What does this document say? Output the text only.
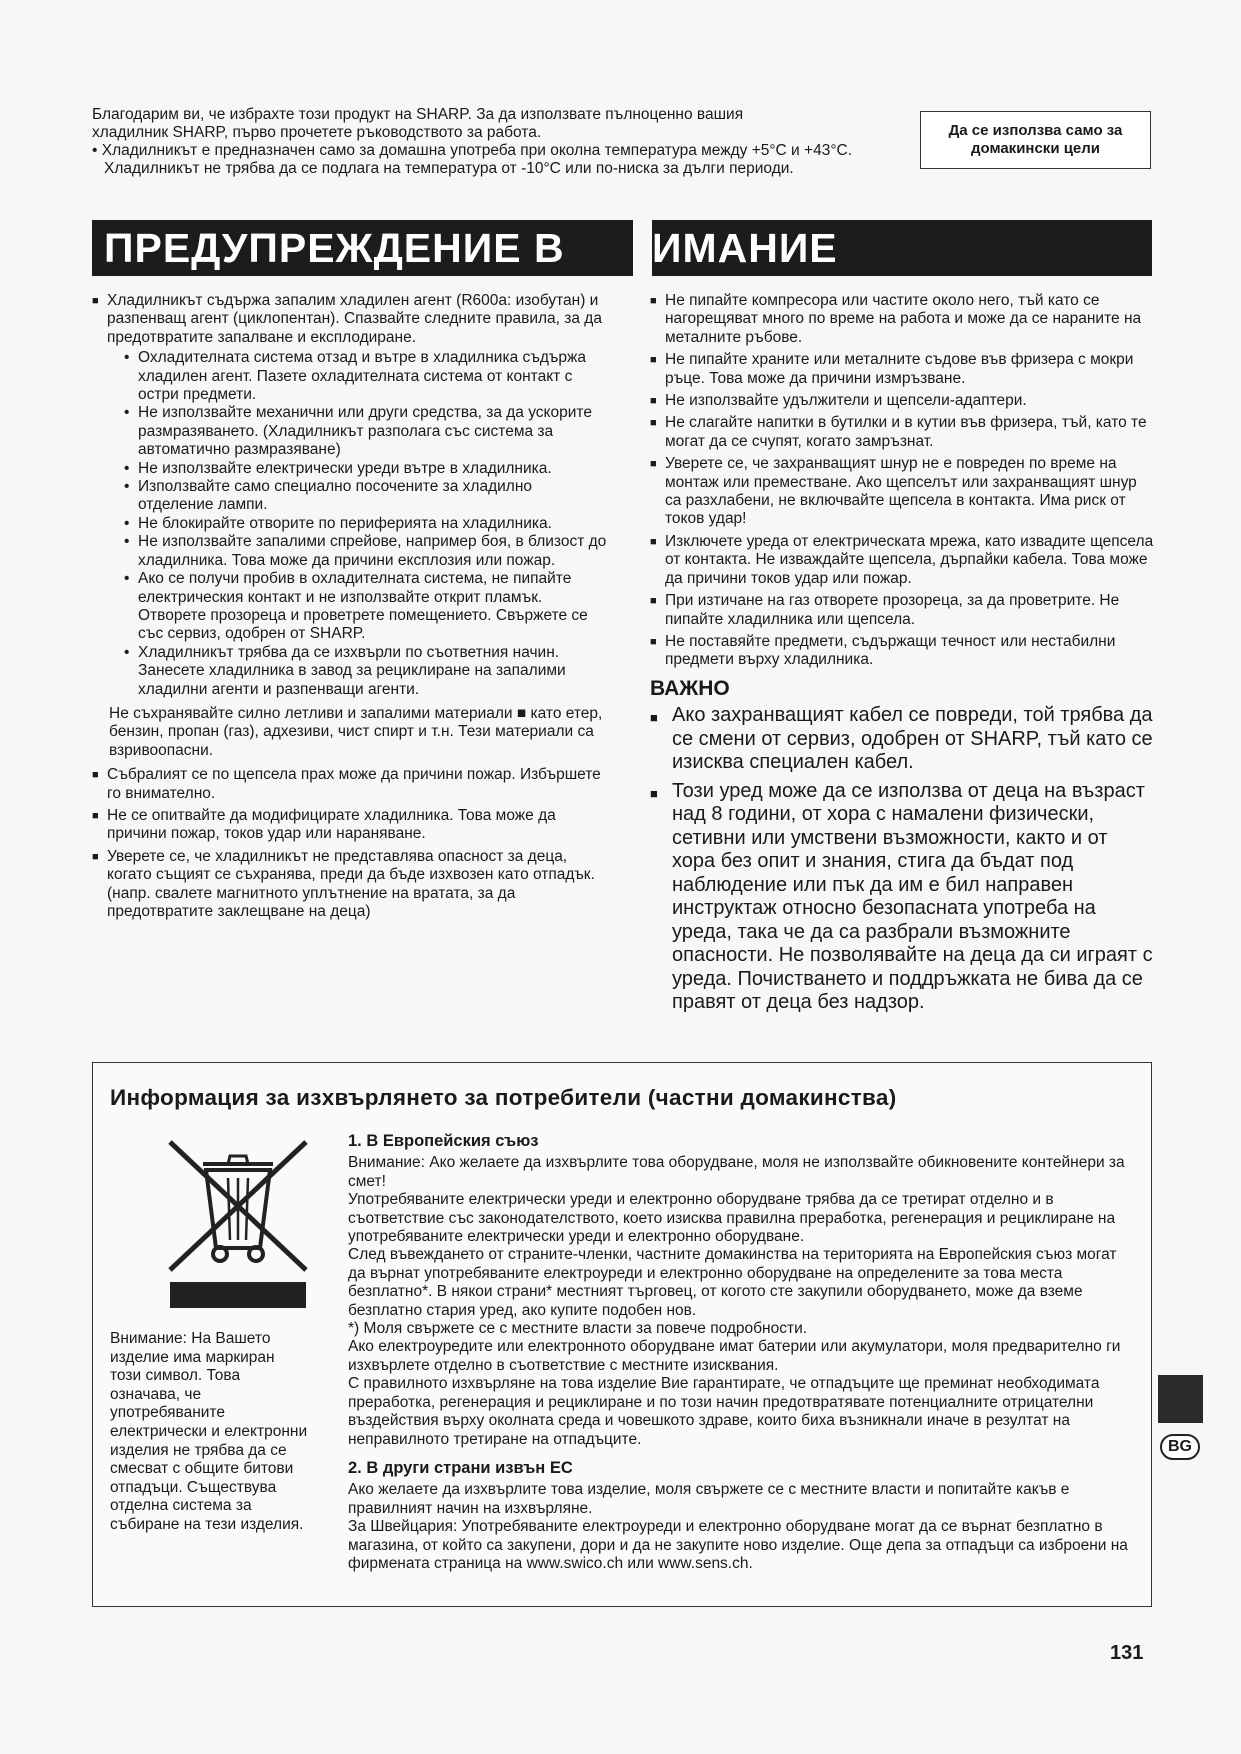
Благодарим ви, че избрахте този продукт на SHARP. За да използвате пълноценно вашия

хладилник SHARP, първо прочетете ръководството за работа.

• Хладилникът е предназначен само за домашна употреба при околна температура между +5°C и +43°C. Хладилникът не трябва да се подлага на температура от -10°C или по-ниска за дълги периоди.

Да се използва само за
домакински цели
ПРЕДУПРЕЖДЕНИЕ В	ИМАНИЕ
■ Хладилникът съдържа запалим хладилен агент (R600a: изобутан) и разпенващ агент (циклопентан). Спазвайте следните правила, за да предотвратите запалване и експлодиране.
• Охладителната система отзад и вътре в хладилника съдържа хладилен агент. Пазете охладителната система от контакт с остри предмети.
• Не използвайте механични или други средства, за да ускорите размразяването. (Хладилникът разполага със система за автоматично размразяване)
• Не използвайте електрически уреди вътре в хладилника.
• Използвайте само специално посочените за хладилно отделение лампи.
• Не блокирайте отворите по периферията на хладилника.
• Не използвайте запалими спрейове, например боя, в близост до хладилника. Това може да причини експлозия или пожар.
• Ако се получи пробив в охладителната система, не пипайте електрическия контакт и не използвайте открит пламък. Отворете прозореца и проветрете помещението. Свържете се със сервиз, одобрен от SHARP.
• Хладилникът трябва да се изхвърли по съответния начин. Занесете хладилника в завод за рециклиране на запалими хладилни агенти и разпенващи агенти.

Не съхранявайте силно летливи и запалими материали ■ като етер, бензин, пропан (газ), адхезиви, чист спирт и т.н. Тези материали са взривоопасни.

■ Събралият се по щепсела прах може да причини пожар. Избършете го внимателно.
■ Не се опитвайте да модифицирате хладилника. Това може да причини пожар, токов удар или нараняване.
■ Уверете се, че хладилникът не представлява опасност за деца, когато същият се съхранява, преди да бъде изхвозен като отпадък. (напр. свалете магнитното уплътнение на вратата, за да предотвратите заклещване на деца)
■ Не пипайте компресора или частите около него, тъй като се нагорещяват много по време на работа и може да се нараните на металните ръбове.
■ Не пипайте храните или металните съдове във фризера с мокри ръце. Това може да причини измръзване.
■ Не използвайте удължители и щепсели-адаптери.
■ Не слагайте напитки в бутилки и в кутии във фризера, тъй, като те могат да се счупят, когато замръзнат.
■ Уверете се, че захранващият шнур не е повреден по време на монтаж или преместване. Ако щепселът или захранващият шнур са разхлабени, не включвайте щепсела в контакта. Има риск от токов удар!
■ Изключете уреда от електрическата мрежа, като извадите щепсела от контакта. Не изваждайте щепсела, дърпайки кабела. Това може да причини токов удар или пожар.
■ При изтичане на газ отворете прозореца, за да проветрите. Не пипайте хладилника или щепсела.
■ Не поставяйте предмети, съдържащи течност или нестабилни предмети върху хладилника.
ВАЖНО
■ Ако захранващият кабел се повреди, той трябва да се смени от сервиз, одобрен от SHARP, тъй като се изисква специален кабел.
■ Този уред може да се използва от деца на възраст над 8 години, от хора с намалени физически, сетивни или умствени възможности, както и от хора без опит и знания, стига да бъдат под наблюдение или пък да им е бил направен инструктаж относно безопасната употреба на уреда, така че да са разбрали възможните опасности. Не позволявайте на деца да си играят с уреда. Почистването и поддръжката не бива да се правят от деца без надзор.
Информация за изхвърлянето за потребители (частни домакинства)
Внимание: На Вашето изделие има маркиран този символ. Това означава, че употребяваните електрически и електронни изделия не трябва да се смесват с общите битови отпадъци. Съществува отделна система за събиране на тези изделия.
1. В Европейския съюз

Внимание: Ако желаете да изхвърлите това оборудване, моля не използвайте обикновените контейнери за смет!

Употребяваните електрически уреди и електронно оборудване трябва да се третират отделно и в съответствие със законодателството, което изисква правилна преработка, регенерация и рециклиране на употребяваните електрически уреди и електронно оборудване.

След въвеждането от страните-членки, частните домакинства на територията на Европейския съюз могат да върнат употребяваните електроуреди и електронно оборудване на определените за това места безплатно*. В някои страни* местният търговец, от когото сте закупили оборудването, може да вземе безплатно стария уред, ако купите подобен нов.

*) Моля свържете се с местните власти за повече подробности.

Ако електроуредите или електронното оборудване имат батерии или акумулатори, моля предварително ги изхвърлете отделно в съответствие с местните изисквания.

С правилното изхвърляне на това изделие Вие гарантирате, че отпадъците ще преминат необходимата преработка, регенерация и рециклиране и по този начин предотвратявате потенциалните отрицателни въздействия върху околната среда и човешкото здраве, които биха възникнали иначе в резултат на неправилното третиране на отпадъците.

2. В други страни извън ЕС

Ако желаете да изхвърлите това изделие, моля свържете се с местните власти и попитайте какъв е правилният начин на изхвърляне.

За Швейцария: Употребяваните електроуреди и електронно оборудване могат да се върнат безплатно в магазина, от който са закупени, дори и да не закупите ново изделие. Още депа за отпадъци са изброени на фирмената страница на www.swico.ch или www.sens.ch.

BG
131
